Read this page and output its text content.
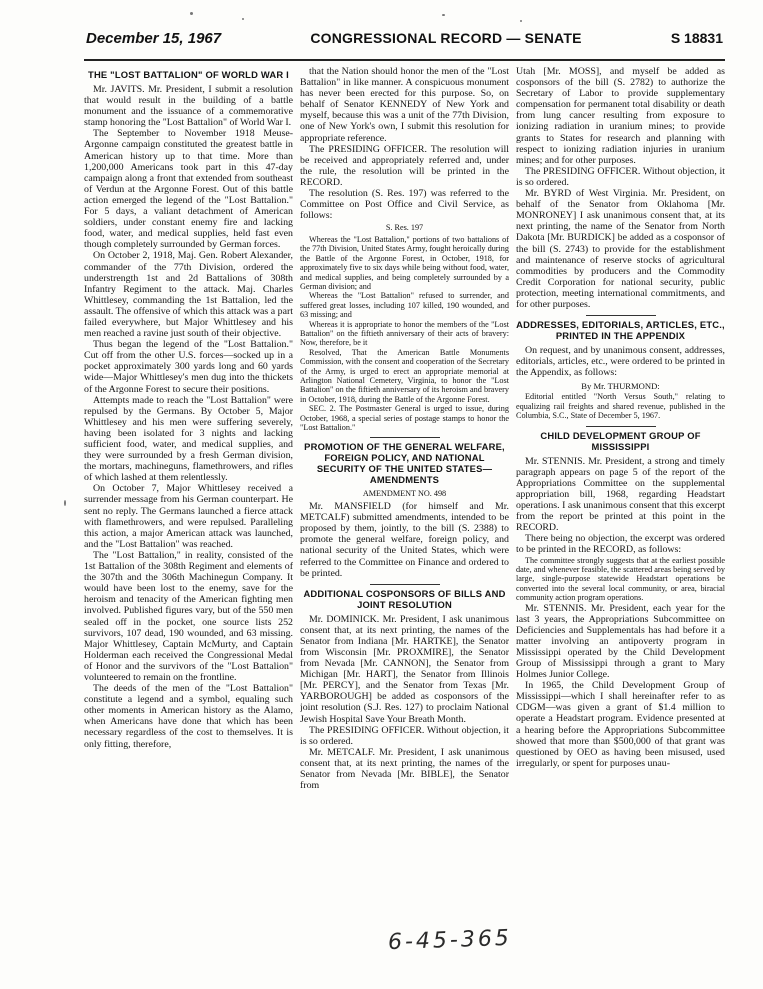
December 15, 1967	CONGRESSIONAL RECORD — SENATE	S 18831

THE "LOST BATTALION" OF WORLD WAR I

Mr. JAVITS. Mr. President, I submit a resolution that would result in the building of a battle monument and the issuance of a commemorative stamp honoring the "Lost Battalion" of World War I.

The September to November 1918 Meuse-Argonne campaign constituted the greatest battle in American history up to that time. More than 1,200,000 Americans took part in this 47-day campaign along a front that extended from southeast of Verdun at the Argonne Forest. Out of this battle action emerged the legend of the "Lost Battalion." For 5 days, a valiant detachment of American soldiers, under constant enemy fire and lacking food, water, and medical supplies, held fast even though completely surrounded by German forces.

On October 2, 1918, Maj. Gen. Robert Alexander, commander of the 77th Division, ordered the understrength 1st and 2d Battalions of 308th Infantry Regiment to the attack. Maj. Charles Whittlesey, commanding the 1st Battalion, led the assault. The offensive of which this attack was a part failed everywhere, but Major Whittlesey and his men reached a ravine just south of their objective.

Thus began the legend of the "Lost Battalion." Cut off from the other U.S. forces—socked up in a pocket approximately 300 yards long and 60 yards wide—Major Whittlesey's men dug into the thickets of the Argonne Forest to secure their positions.

Attempts made to reach the "Lost Battalion" were repulsed by the Germans. By October 5, Major Whittlesey and his men were suffering severely, having been isolated for 3 nights and lacking sufficient food, water, and medical supplies, and they were surrounded by a fresh German division, the mortars, machineguns, flamethrowers, and rifles of which lashed at them relentlessly.

On October 7, Major Whittlesey received a surrender message from his German counterpart. He sent no reply. The Germans launched a fierce attack with flamethrowers, and were repulsed. Paralleling this action, a major American attack was launched, and the "Lost Battalion" was reached.

The "Lost Battalion," in reality, consisted of the 1st Battalion of the 308th Regiment and elements of the 307th and the 306th Machinegun Company. It would have been lost to the enemy, save for the heroism and tenacity of the American fighting men involved. Published figures vary, but of the 550 men sealed off in the pocket, one source lists 252 survivors, 107 dead, 190 wounded, and 63 missing. Major Whittlesey, Captain McMurty, and Captain Holderman each received the Congressional Medal of Honor and the survivors of the "Lost Battalion" volunteered to remain on the frontline.

The deeds of the men of the "Lost Battalion" constitute a legend and a symbol, equaling such other moments in American history as the Alamo, when Americans have done that which has been necessary regardless of the cost to themselves. It is only fitting, therefore,

that the Nation should honor the men of the "Lost Battalion" in like manner. A conspicuous monument has never been erected for this purpose. So, on behalf of Senator KENNEDY of New York and myself, because this was a unit of the 77th Division, one of New York's own, I submit this resolution for appropriate reference.

The PRESIDING OFFICER. The resolution will be received and appropriately referred and, under the rule, the resolution will be printed in the RECORD.

The resolution (S. Res. 197) was referred to the Committee on Post Office and Civil Service, as follows:

S. Res. 197

Whereas the "Lost Battalion," portions of two battalions of the 77th Division, United States Army, fought heroically during the Battle of the Argonne Forest, in October, 1918, for approximately five to six days while being without food, water, and medical supplies, and being completely surrounded by a German division; and

Whereas the "Lost Battalion" refused to surrender, and suffered great losses, including 107 killed, 190 wounded, and 63 missing; and

Whereas it is appropriate to honor the members of the "Lost Battalion" on the fiftieth anniversary of their acts of bravery: Now, therefore, be it

Resolved, That the American Battle Monuments Commission, with the consent and cooperation of the Secretary of the Army, is urged to erect an appropriate memorial at Arlington National Cemetery, Virginia, to honor the "Lost Battalion" on the fiftieth anniversary of its heroism and bravery in October, 1918, during the Battle of the Argonne Forest.

SEC. 2. The Postmaster General is urged to issue, during October, 1968, a special series of postage stamps to honor the "Lost Battalion."

PROMOTION OF THE GENERAL WELFARE, FOREIGN POLICY, AND NATIONAL SECURITY OF THE UNITED STATES—AMENDMENTS

AMENDMENT NO. 498

Mr. MANSFIELD (for himself and Mr. METCALF) submitted amendments, intended to be proposed by them, jointly, to the bill (S. 2388) to promote the general welfare, foreign policy, and national security of the United States, which were referred to the Committee on Finance and ordered to be printed.

ADDITIONAL COSPONSORS OF BILLS AND JOINT RESOLUTION

Mr. DOMINICK. Mr. President, I ask unanimous consent that, at its next printing, the names of the Senator from Indiana [Mr. HARTKE], the Senator from Wisconsin [Mr. PROXMIRE], the Senator from Nevada [Mr. CANNON], the Senator from Michigan [Mr. HART], the Senator from Illinois [Mr. PERCY], and the Senator from Texas [Mr. YARBOROUGH] be added as cosponsors of the joint resolution (S.J. Res. 127) to proclaim National Jewish Hospital Save Your Breath Month.

The PRESIDING OFFICER. Without objection, it is so ordered.

Mr. METCALF. Mr. President, I ask unanimous consent that, at its next printing, the names of the Senator from Nevada [Mr. BIBLE], the Senator from

Utah [Mr. MOSS], and myself be added as cosponsors of the bill (S. 2782) to authorize the Secretary of Labor to provide supplementary compensation for permanent total disability or death from lung cancer resulting from exposure to ionizing radiation in uranium mines; to provide grants to States for research and planning with respect to ionizing radiation injuries in uranium mines; and for other purposes.

The PRESIDING OFFICER. Without objection, it is so ordered.

Mr. BYRD of West Virginia. Mr. President, on behalf of the Senator from Oklahoma [Mr. MONRONEY] I ask unanimous consent that, at its next printing, the name of the Senator from North Dakota [Mr. BURDICK] be added as a cosponsor of the bill (S. 2743) to provide for the establishment and maintenance of reserve stocks of agricultural commodities by producers and the Commodity Credit Corporation for national security, public protection, meeting international commitments, and for other purposes.

ADDRESSES, EDITORIALS, ARTICLES, ETC., PRINTED IN THE APPENDIX

On request, and by unanimous consent, addresses, editorials, articles, etc., were ordered to be printed in the Appendix, as follows:

By Mr. THURMOND:

Editorial entitled "North Versus South," relating to equalizing rail freights and shared revenue, published in the Columbia, S.C., State of December 5, 1967.

CHILD DEVELOPMENT GROUP OF MISSISSIPPI

Mr. STENNIS. Mr. President, a strong and timely paragraph appears on page 5 of the report of the Appropriations Committee on the supplemental appropriation bill, 1968, regarding Headstart operations. I ask unanimous consent that this excerpt from the report be printed at this point in the RECORD.

There being no objection, the excerpt was ordered to be printed in the RECORD, as follows:

The committee strongly suggests that at the earliest possible date, and whenever feasible, the scattered areas being served by large, single-purpose statewide Headstart operations be converted into the several local community, or area, biracial community action program operations.

Mr. STENNIS. Mr. President, each year for the last 3 years, the Appropriations Subcommittee on Deficiencies and Supplementals has had before it a matter involving an antipoverty program in Mississippi operated by the Child Development Group of Mississippi through a grant to Mary Holmes Junior College.

In 1965, the Child Development Group of Mississippi—which I shall hereinafter refer to as CDGM—was given a grant of $1.4 million to operate a Headstart program. Evidence presented at a hearing before the Appropriations Subcommittee showed that more than $500,000 of that grant was questioned by OEO as having been misused, used irregularly, or spent for purposes unau-

6-45-365
